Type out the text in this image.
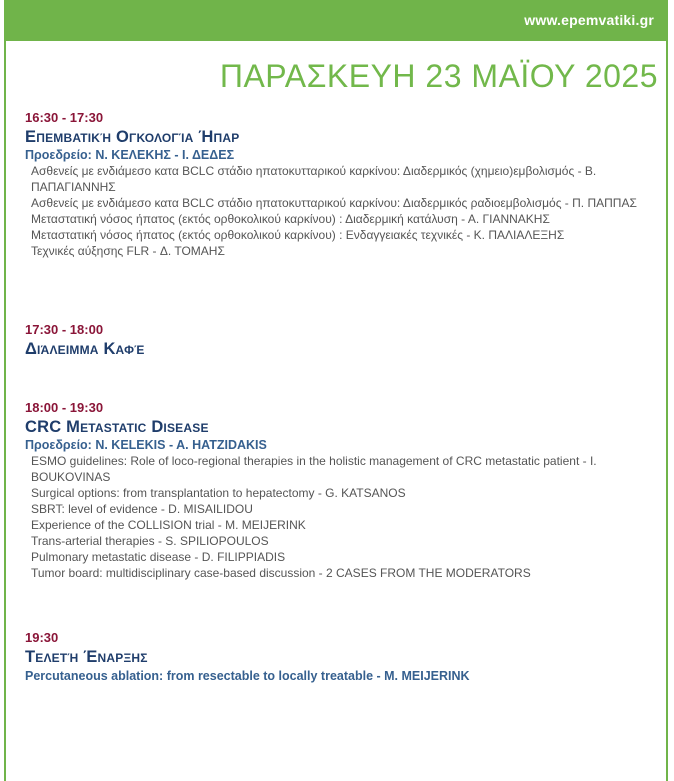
www.epemvatiki.gr
ΠΑΡΑΣΚΕΥΗ 23 ΜΑΪΟΥ 2025
16:30 - 17:30
Επεμβατική Ογκολογία Ήπαρ
Προεδρείο: Ν. ΚΕΛΕΚΗΣ - Ι. ΔΕΔΕΣ
Ασθενείς με ενδιάμεσο κατα BCLC στάδιο ηπατοκυτταρικού καρκίνου: Διαδερμικός (χημειο)εμβολισμός - Β. ΠΑΠΑΓΙΑΝΝΗΣ
Ασθενείς με ενδιάμεσο κατα BCLC στάδιο ηπατοκυτταρικού καρκίνου: Διαδερμικός ραδιοεμβολισμός - Π. ΠΑΠΠΑΣ
Μεταστατική νόσος ήπατος (εκτός ορθοκολικού καρκίνου) : Διαδερμική κατάλυση - Α. ΓΙΑΝΝΑΚΗΣ
Μεταστατική νόσος ήπατος (εκτός ορθοκολικού καρκίνου) : Ενδαγγειακές τεχνικές - Κ. ΠΑΛΙΑΛΕΞΗΣ
Τεχνικές αύξησης FLR - Δ. ΤΟΜΑΗΣ
17:30 - 18:00
Διάλειμμα Καφέ
18:00 - 19:30
CRC Metastatic Disease
Προεδρείο: N. KELEKIS - A. HATZIDAKIS
ESMO guidelines: Role of loco-regional therapies in the holistic management of CRC metastatic patient - I. BOUKOVINAS
Surgical options: from transplantation to hepatectomy - G. KATSANOS
SBRT: level of evidence - D. MISAILIDOU
Experience of the COLLISION trial - M. MEIJERINK
Trans-arterial therapies - S. SPILIOPOULOS
Pulmonary metastatic disease - D. FILIPPIADIS
Tumor board: multidisciplinary case-based discussion - 2 CASES FROM THE MODERATORS
19:30
Τελετή Έναρξης
Percutaneous ablation: from resectable to locally treatable - M. MEIJERINK
